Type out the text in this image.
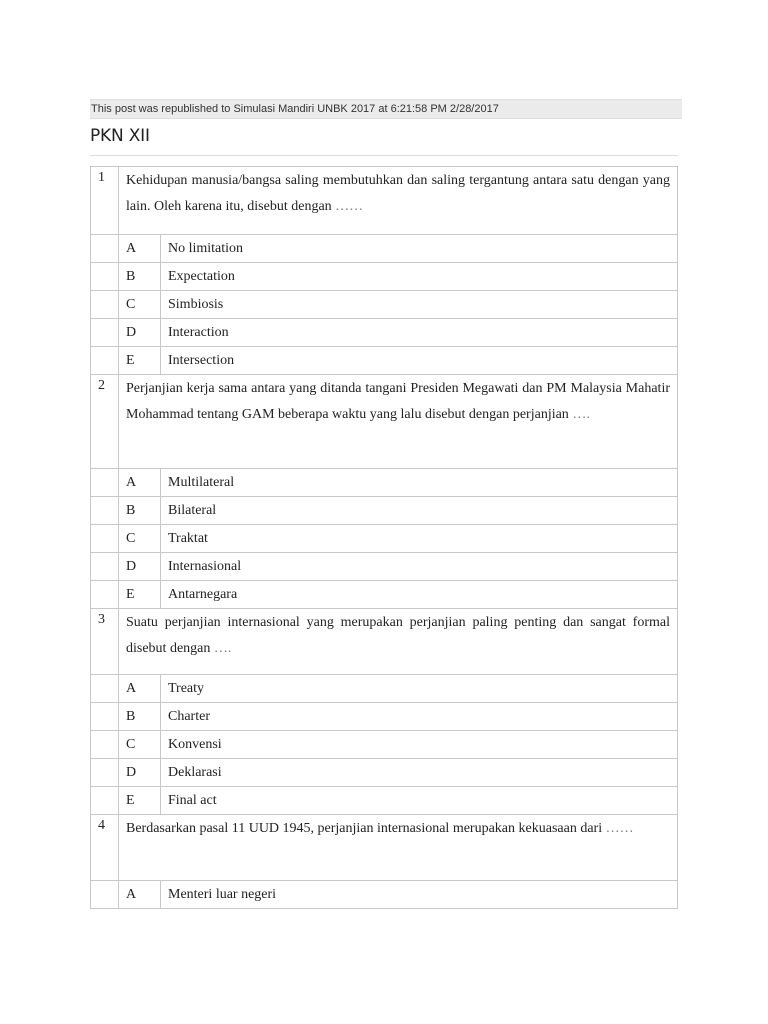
This post was republished to Simulasi Mandiri UNBK 2017 at 6:21:58 PM 2/28/2017
PKN XII
1	Kehidupan manusia/bangsa saling membutuhkan dan saling tergantung antara satu dengan yang lain. Oleh karena itu, disebut dengan ……	
	A	No limitation
	B	Expectation
	C	Simbiosis
	D	Interaction
	E	Intersection
2	Perjanjian kerja sama antara yang ditanda tangani Presiden Megawati dan PM Malaysia Mahatir Mohammad tentang GAM beberapa waktu yang lalu disebut dengan perjanjian ….	
	A	Multilateral
	B	Bilateral
	C	Traktat
	D	Internasional
	E	Antarnegara
3	Suatu perjanjian internasional yang merupakan perjanjian paling penting dan sangat formal disebut dengan ….	
	A	Treaty
	B	Charter
	C	Konvensi
	D	Deklarasi
	E	Final act
4	Berdasarkan pasal 11 UUD 1945, perjanjian internasional merupakan kekuasaan dari ……	
	A	Menteri luar negeri
